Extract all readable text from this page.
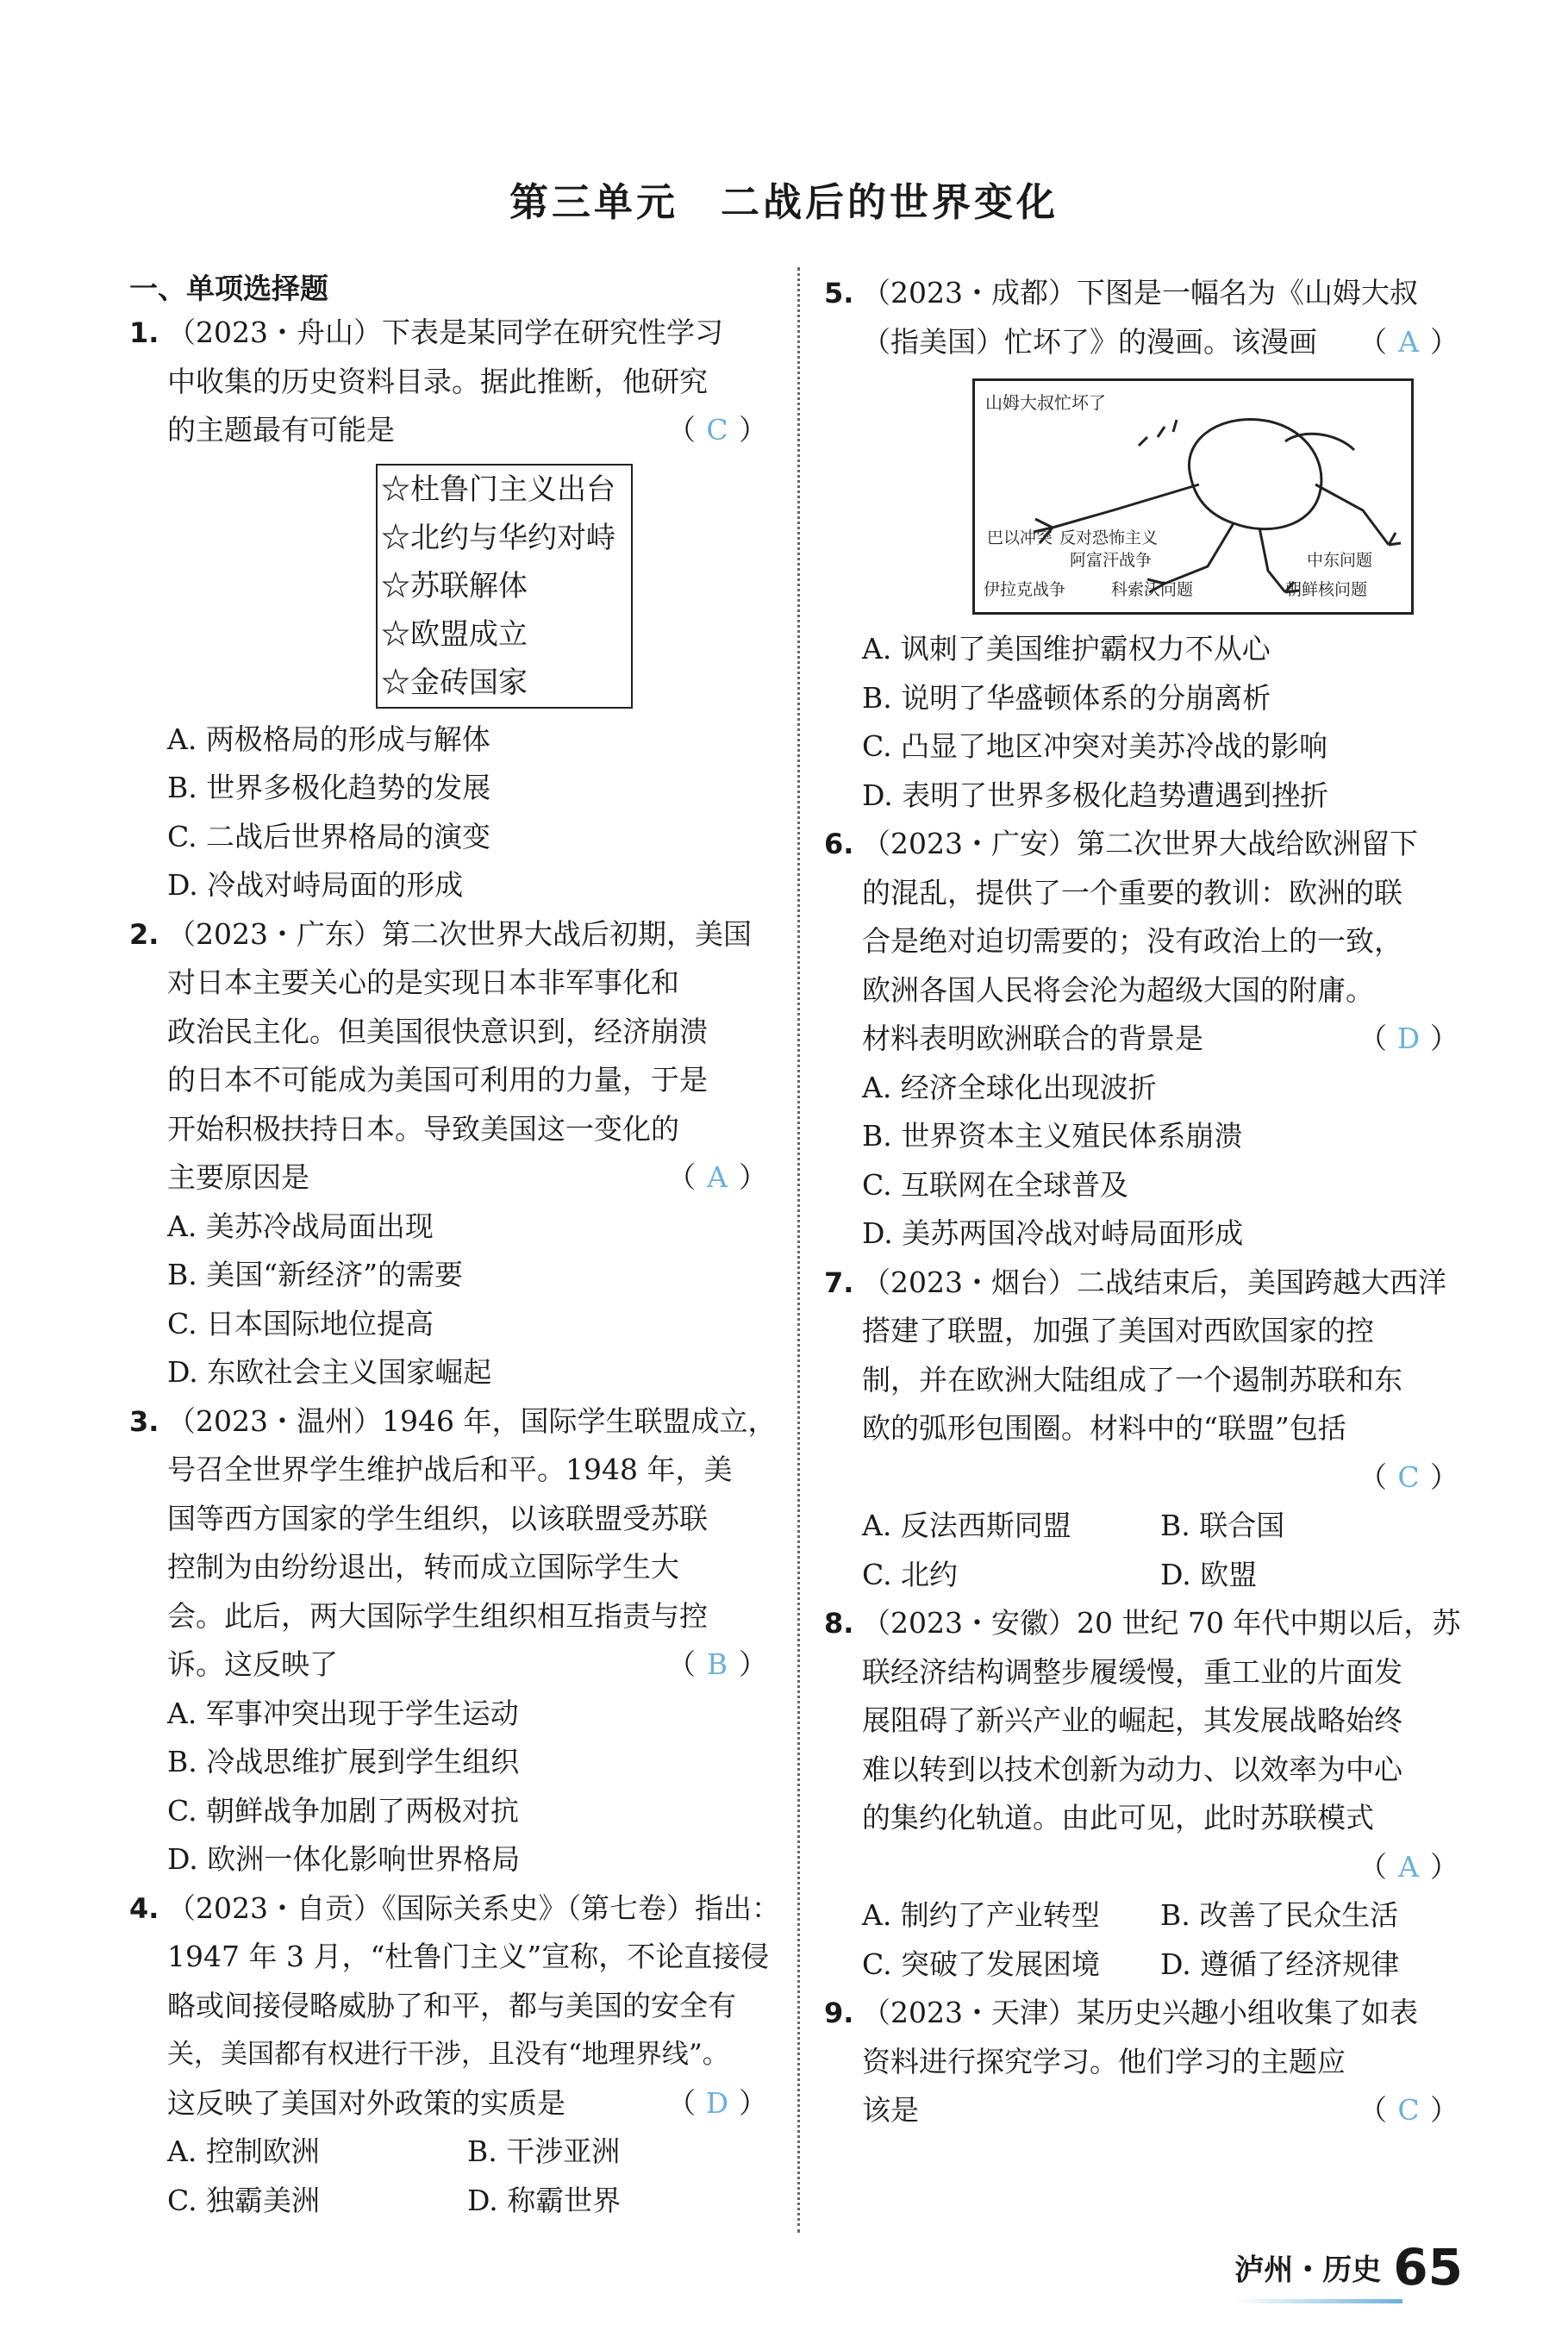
第三单元　二战后的世界变化
一、单项选择题
1. （2023・舟山）下表是某同学在研究性学习
中收集的历史资料目录。据此推断，他研究
的主题最有可能是	（ C ）
☆杜鲁门主义出台
☆北约与华约对峙
☆苏联解体
☆欧盟成立
☆金砖国家
A. 两极格局的形成与解体
B. 世界多极化趋势的发展
C. 二战后世界格局的演变
D. 冷战对峙局面的形成
2. （2023・广东）第二次世界大战后初期，美国
对日本主要关心的是实现日本非军事化和
政治民主化。但美国很快意识到，经济崩溃
的日本不可能成为美国可利用的力量，于是
开始积极扶持日本。导致美国这一变化的
主要原因是	（ A ）
A. 美苏冷战局面出现
B. 美国“新经济”的需要
C. 日本国际地位提高
D. 东欧社会主义国家崛起
3. （2023・温州）1946 年，国际学生联盟成立，
号召全世界学生维护战后和平。1948 年，美
国等西方国家的学生组织，以该联盟受苏联
控制为由纷纷退出，转而成立国际学生大
会。此后，两大国际学生组织相互指责与控
诉。这反映了	（ B ）
A. 军事冲突出现于学生运动
B. 冷战思维扩展到学生组织
C. 朝鲜战争加剧了两极对抗
D. 欧洲一体化影响世界格局
4. （2023・自贡）《国际关系史》（第七卷）指出：
1947 年 3 月，“杜鲁门主义”宣称，不论直接侵
略或间接侵略威胁了和平，都与美国的安全有
关，美国都有权进行干涉，且没有“地理界线”。
这反映了美国对外政策的实质是	（ D ）
A. 控制欧洲	B. 干涉亚洲
C. 独霸美洲	D. 称霸世界
5. （2023・成都）下图是一幅名为《山姆大叔
（指美国）忙坏了》的漫画。该漫画 （ A ）
山姆大叔忙坏了
巴以冲突 反对恐怖主义
阿富汗战争	中东问题
伊拉克战争	科索沃问题	朝鲜核问题
A. 讽刺了美国维护霸权力不从心
B. 说明了华盛顿体系的分崩离析
C. 凸显了地区冲突对美苏冷战的影响
D. 表明了世界多极化趋势遭遇到挫折
6. （2023・广安）第二次世界大战给欧洲留下
的混乱，提供了一个重要的教训：欧洲的联
合是绝对迫切需要的；没有政治上的一致，
欧洲各国人民将会沦为超级大国的附庸。
材料表明欧洲联合的背景是	（ D ）
A. 经济全球化出现波折
B. 世界资本主义殖民体系崩溃
C. 互联网在全球普及
D. 美苏两国冷战对峙局面形成
7. （2023・烟台）二战结束后，美国跨越大西洋
搭建了联盟，加强了美国对西欧国家的控
制，并在欧洲大陆组成了一个遏制苏联和东
欧的弧形包围圈。材料中的“联盟”包括
（ C ）
A. 反法西斯同盟	B. 联合国
C. 北约	D. 欧盟
8. （2023・安徽）20 世纪 70 年代中期以后，苏
联经济结构调整步履缓慢，重工业的片面发
展阻碍了新兴产业的崛起，其发展战略始终
难以转到以技术创新为动力、以效率为中心
的集约化轨道。由此可见，此时苏联模式
（ A ）
A. 制约了产业转型	B. 改善了民众生活
C. 突破了发展困境	D. 遵循了经济规律
9. （2023・天津）某历史兴趣小组收集了如表
资料进行探究学习。他们学习的主题应
该是	（ C ）
泸州・历史 65
